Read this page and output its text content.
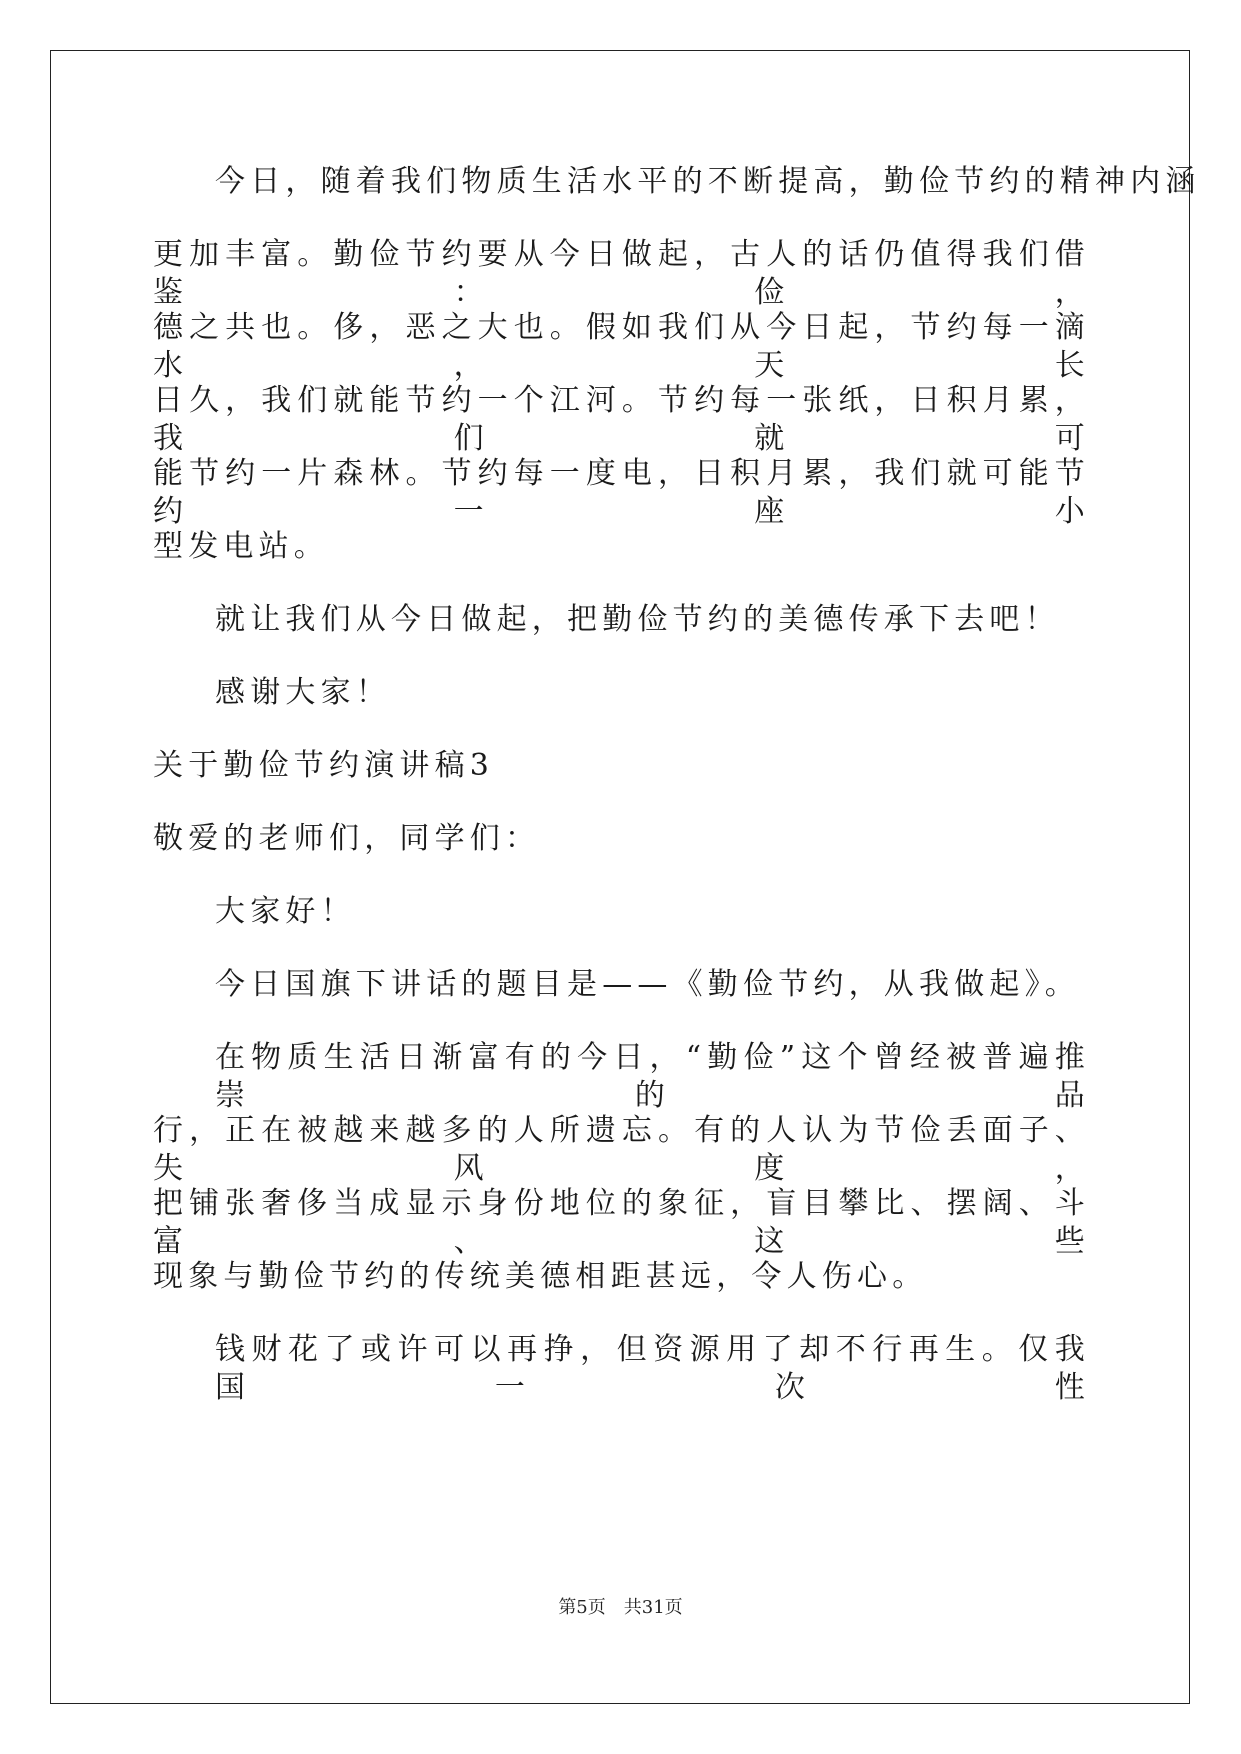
今日，随着我们物质生活水平的不断提高，勤俭节约的精神内涵
更加丰富。勤俭节约要从今日做起，古人的话仍值得我们借鉴：俭，
德之共也。侈，恶之大也。假如我们从今日起，节约每一滴水，天长
日久，我们就能节约一个江河。节约每一张纸，日积月累，我们就可
能节约一片森林。节约每一度电，日积月累，我们就可能节约一座小
型发电站。
就让我们从今日做起，把勤俭节约的美德传承下去吧！
感谢大家！
关于勤俭节约演讲稿3
敬爱的老师们，同学们：
大家好！
今日国旗下讲话的题目是——《勤俭节约，从我做起》。
在物质生活日渐富有的今日，“勤俭”这个曾经被普遍推崇的品
行，正在被越来越多的人所遗忘。有的人认为节俭丢面子、失风度，
把铺张奢侈当成显示身份地位的象征，盲目攀比、摆阔、斗富、这些
现象与勤俭节约的传统美德相距甚远，令人伤心。
钱财花了或许可以再挣，但资源用了却不行再生。仅我国一次性
第5页 共31页
